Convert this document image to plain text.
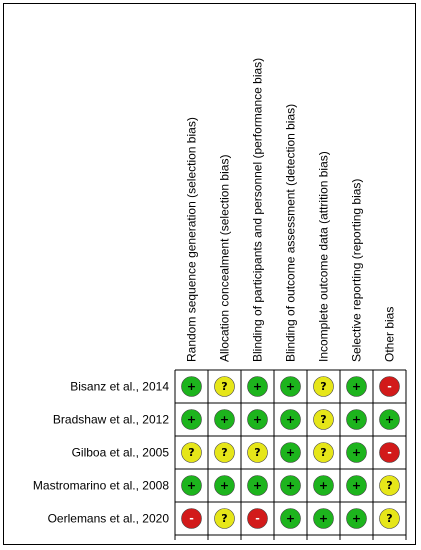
Random sequence generation (selection bias) Allocation concealment (selection bias) Blinding of participants and personnel (performance bias) Blinding of outcome assessment (detection bias) Incomplete outcome data (attrition bias) Selective reporting (reporting bias) Other bias
Bisanz et al., 2014 + ? + + ? + -
Bradshaw et al., 2012 + + + + ? + +
Gilboa et al., 2005 ? ? ? + ? + -
Mastromarino et al., 2008 + + + + + + ?
Oerlemans et al., 2020 -	?	- + + + ?
